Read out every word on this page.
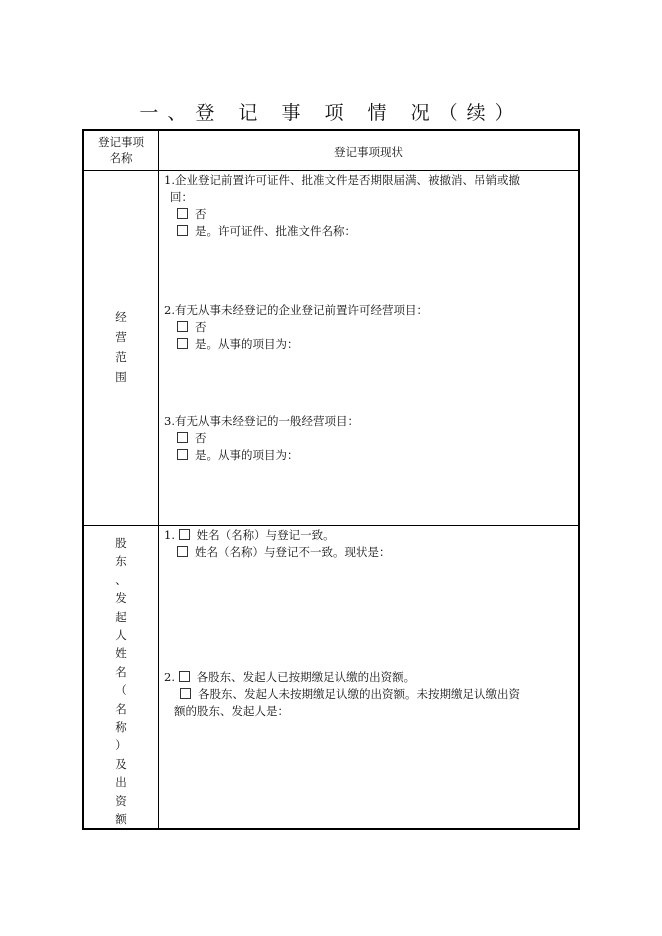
一、登 记 事 项 情 况（续）
登记事项
名称	登记事项现状
经
营
范
围
1.企业登记前置许可证件、批准文件是否期限届满、被撤消、吊销或撤
回：
否
是。许可证件、批准文件名称：
2.有无从事未经登记的企业登记前置许可经营项目：
否
是。从事的项目为：
3.有无从事未经登记的一般经营项目：
否
是。从事的项目为：
股
东
、
发
起
人
姓
名
（
名
称
）
及
出
资
额
1. 姓名（名称）与登记一致。
姓名（名称）与登记不一致。现状是：
2. 各股东、发起人已按期缴足认缴的出资额。
各股东、发起人未按期缴足认缴的出资额。未按期缴足认缴出资
额的股东、发起人是：
